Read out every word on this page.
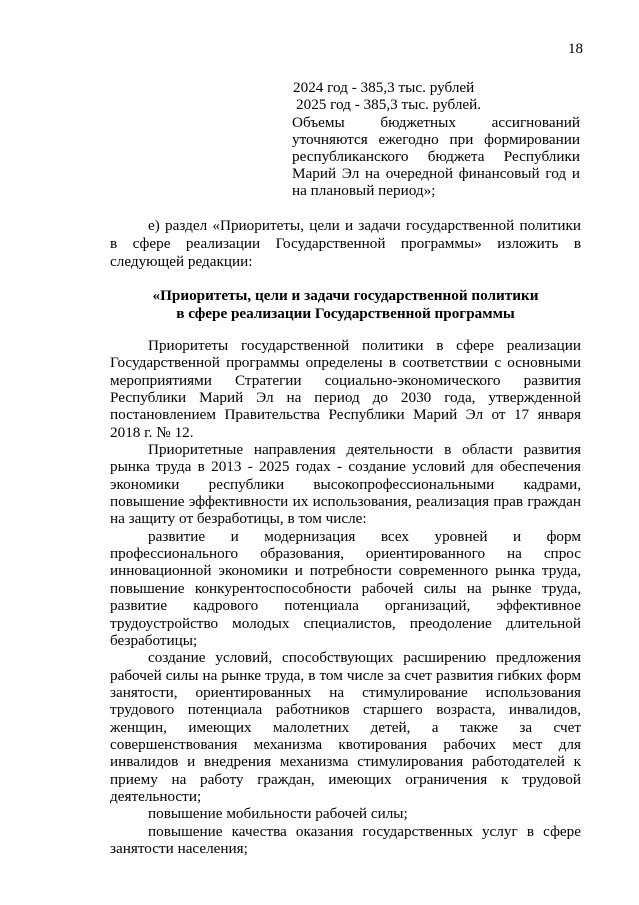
18
2024 год - 385,3 тыс. рублей
2025 год - 385,3 тыс. рублей.
Объемы бюджетных ассигнований уточняются ежегодно при формировании республиканского бюджета Республики Марий Эл на очередной финансовый год и на плановый период»;
е) раздел «Приоритеты, цели и задачи государственной политики в сфере реализации Государственной программы» изложить в следующей редакции:
«Приоритеты, цели и задачи государственной политики
в сфере реализации Государственной программы

Приоритеты государственной политики в сфере реализации Государственной программы определены в соответствии с основными мероприятиями Стратегии социально-экономического развития Республики Марий Эл на период до 2030 года, утвержденной постановлением Правительства Республики Марий Эл от 17 января 2018 г. № 12.

Приоритетные направления деятельности в области развития рынка труда в 2013 - 2025 годах - создание условий для обеспечения экономики республики высокопрофессиональными кадрами, повышение эффективности их использования, реализация прав граждан на защиту от безработицы, в том числе:

развитие и модернизация всех уровней и форм профессионального образования, ориентированного на спрос инновационной экономики и потребности современного рынка труда, повышение конкурентоспособности рабочей силы на рынке труда, развитие кадрового потенциала организаций, эффективное трудоустройство молодых специалистов, преодоление длительной безработицы;

создание условий, способствующих расширению предложения рабочей силы на рынке труда, в том числе за счет развития гибких форм занятости, ориентированных на стимулирование использования трудового потенциала работников старшего возраста, инвалидов, женщин, имеющих малолетних детей, а также за счет совершенствования механизма квотирования рабочих мест для инвалидов и внедрения механизма стимулирования работодателей к приему на работу граждан, имеющих ограничения к трудовой деятельности;

повышение мобильности рабочей силы;

повышение качества оказания государственных услуг в сфере занятости населения;
